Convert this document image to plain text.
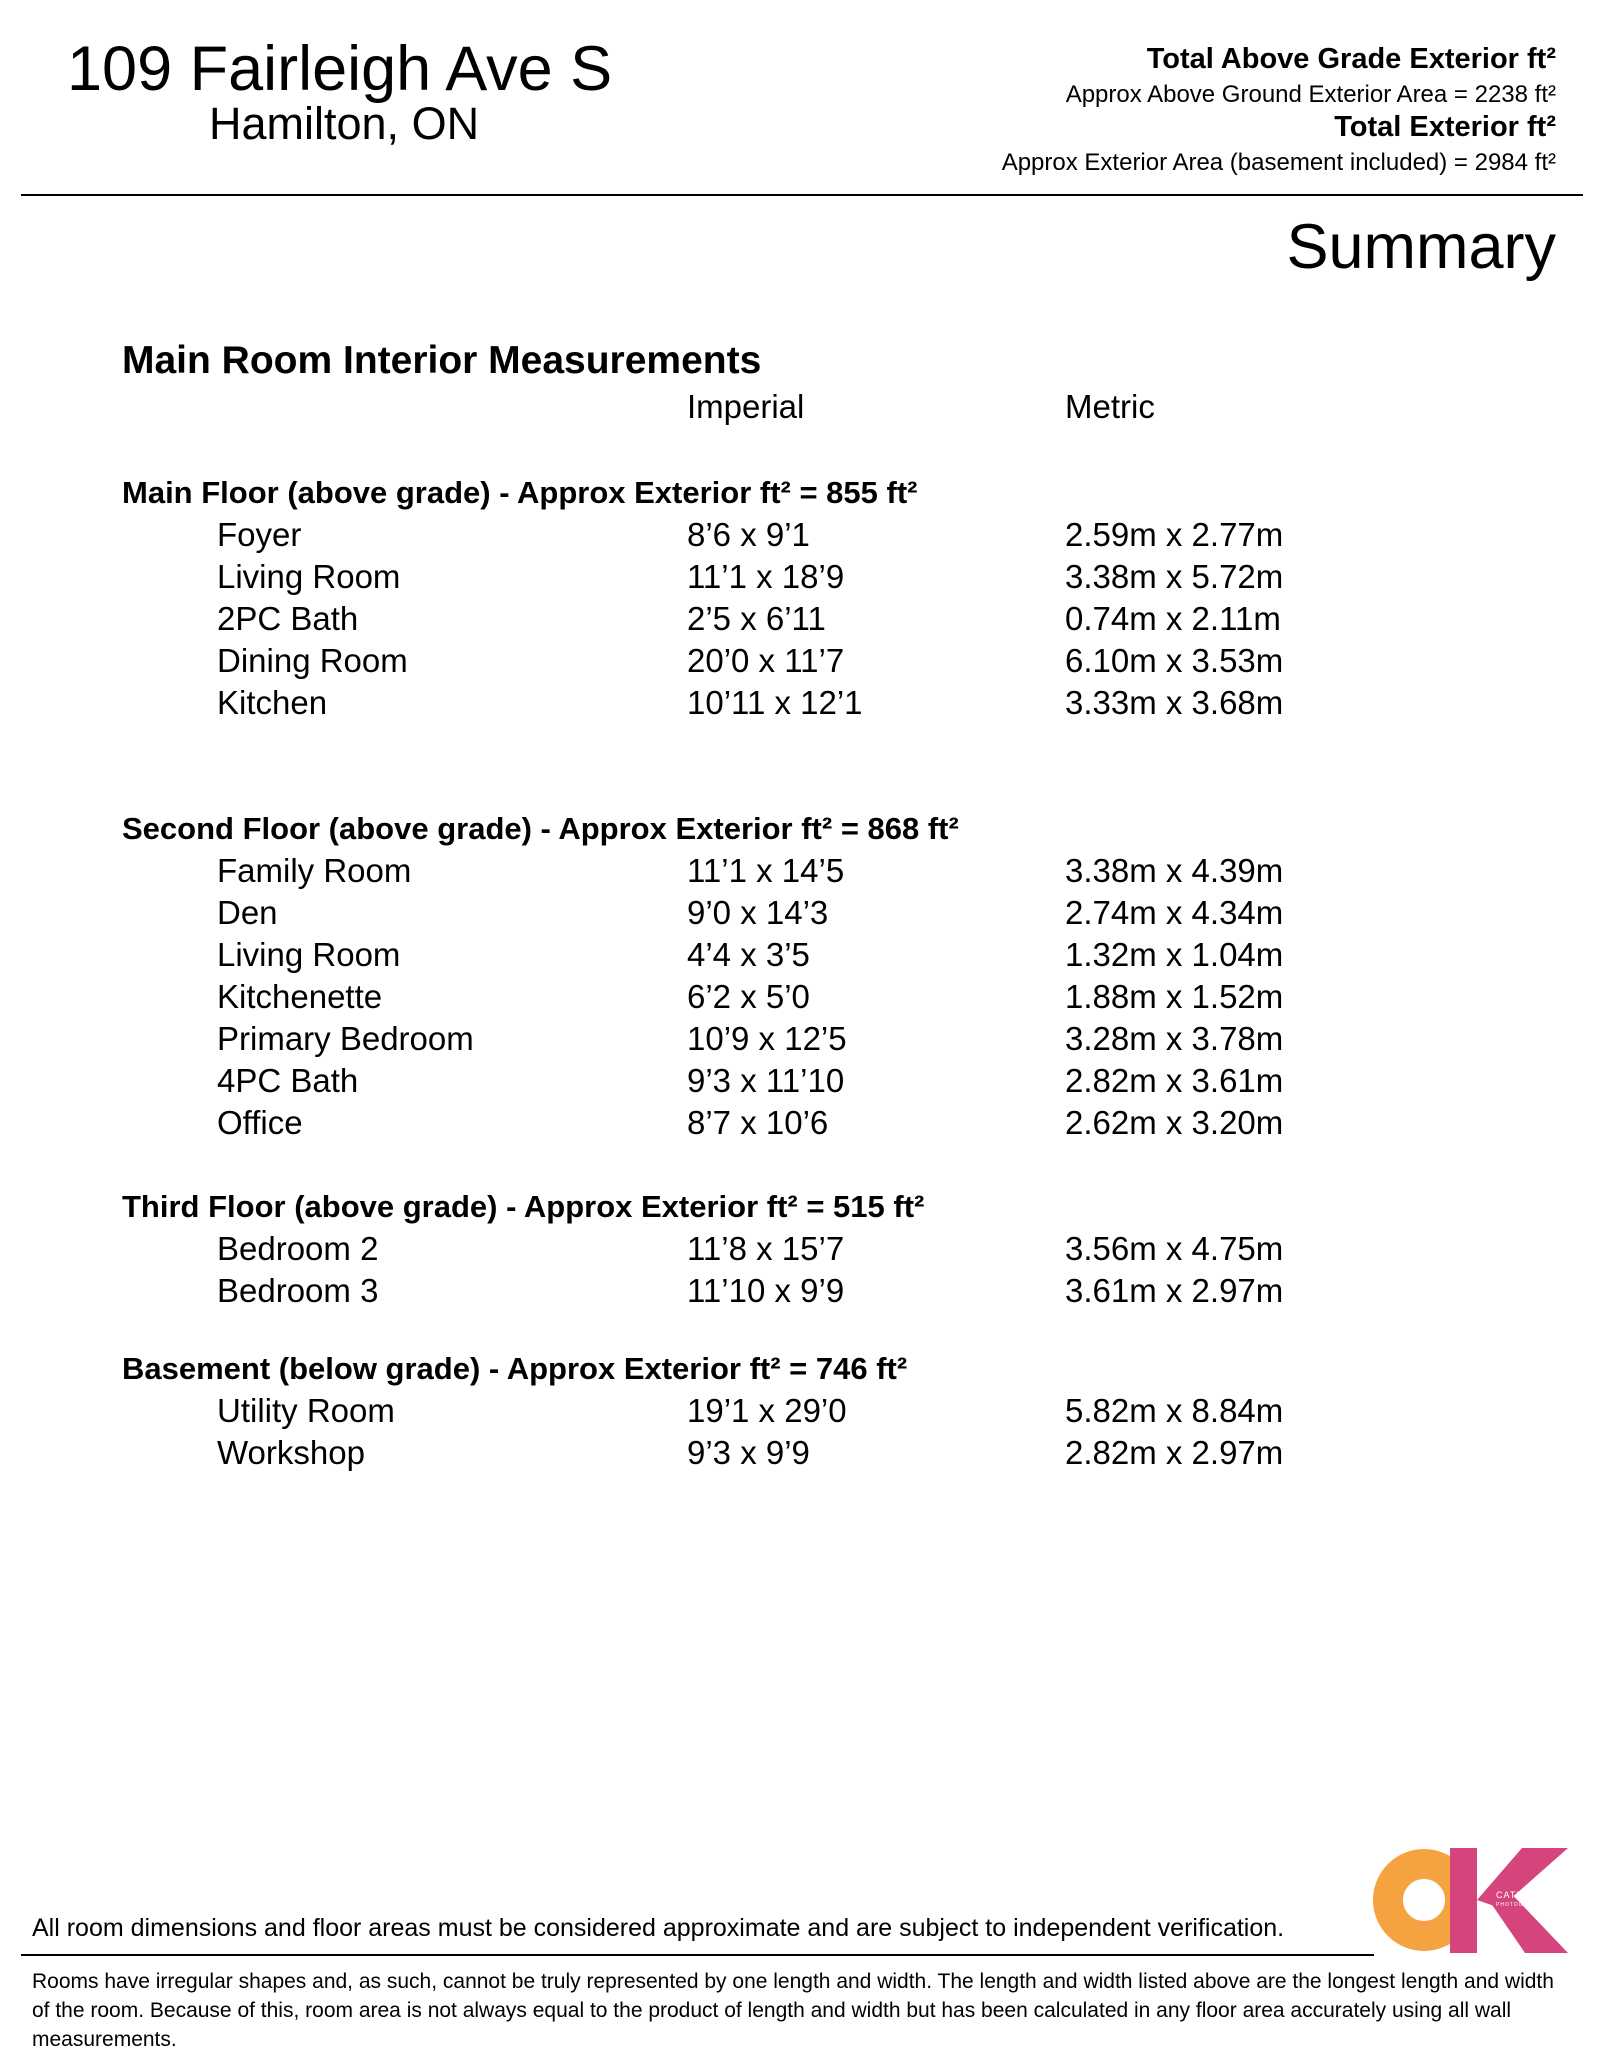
109 Fairleigh Ave S
Hamilton, ON
Total Above Grade Exterior ft²
Approx Above Ground Exterior Area = 2238 ft²
Total Exterior ft²
Approx Exterior Area (basement included) = 2984 ft²
Summary
Main Room Interior Measurements
Imperial	Metric
Main Floor (above grade) - Approx Exterior ft² = 855 ft²
Foyer	8’6 x 9’1	2.59m x 2.77m
Living Room	11’1 x 18’9	3.38m x 5.72m
2PC Bath	2’5 x 6’11	0.74m x 2.11m
Dining Room	20’0 x 11’7	6.10m x 3.53m
Kitchen	10’11 x 12’1	3.33m x 3.68m
Second Floor (above grade) - Approx Exterior ft² = 868 ft²
Family Room	11’1 x 14’5	3.38m x 4.39m
Den	9’0 x 14’3	2.74m x 4.34m
Living Room	4’4 x 3’5	1.32m x 1.04m
Kitchenette	6’2 x 5’0	1.88m x 1.52m
Primary Bedroom	10’9 x 12’5	3.28m x 3.78m
4PC Bath	9’3 x 11’10	2.82m x 3.61m
Office	8’7 x 10’6	2.62m x 3.20m
Third Floor (above grade) - Approx Exterior ft² = 515 ft²
Bedroom 2	11’8 x 15’7	3.56m x 4.75m
Bedroom 3	11’10 x 9’9	3.61m x 2.97m
Basement (below grade) - Approx Exterior ft² = 746 ft²
Utility Room	19’1 x 29’0	5.82m x 8.84m
Workshop	9’3 x 9’9	2.82m x 2.97m
CATHY KOOP
PHOTOGRAPHY
All room dimensions and floor areas must be considered approximate and are subject to independent verification.
Rooms have irregular shapes and, as such, cannot be truly represented by one length and width. The length and width listed above are the longest length and width of the room. Because of this, room area is not always equal to the product of length and width but has been calculated in any floor area accurately using all wall measurements.
